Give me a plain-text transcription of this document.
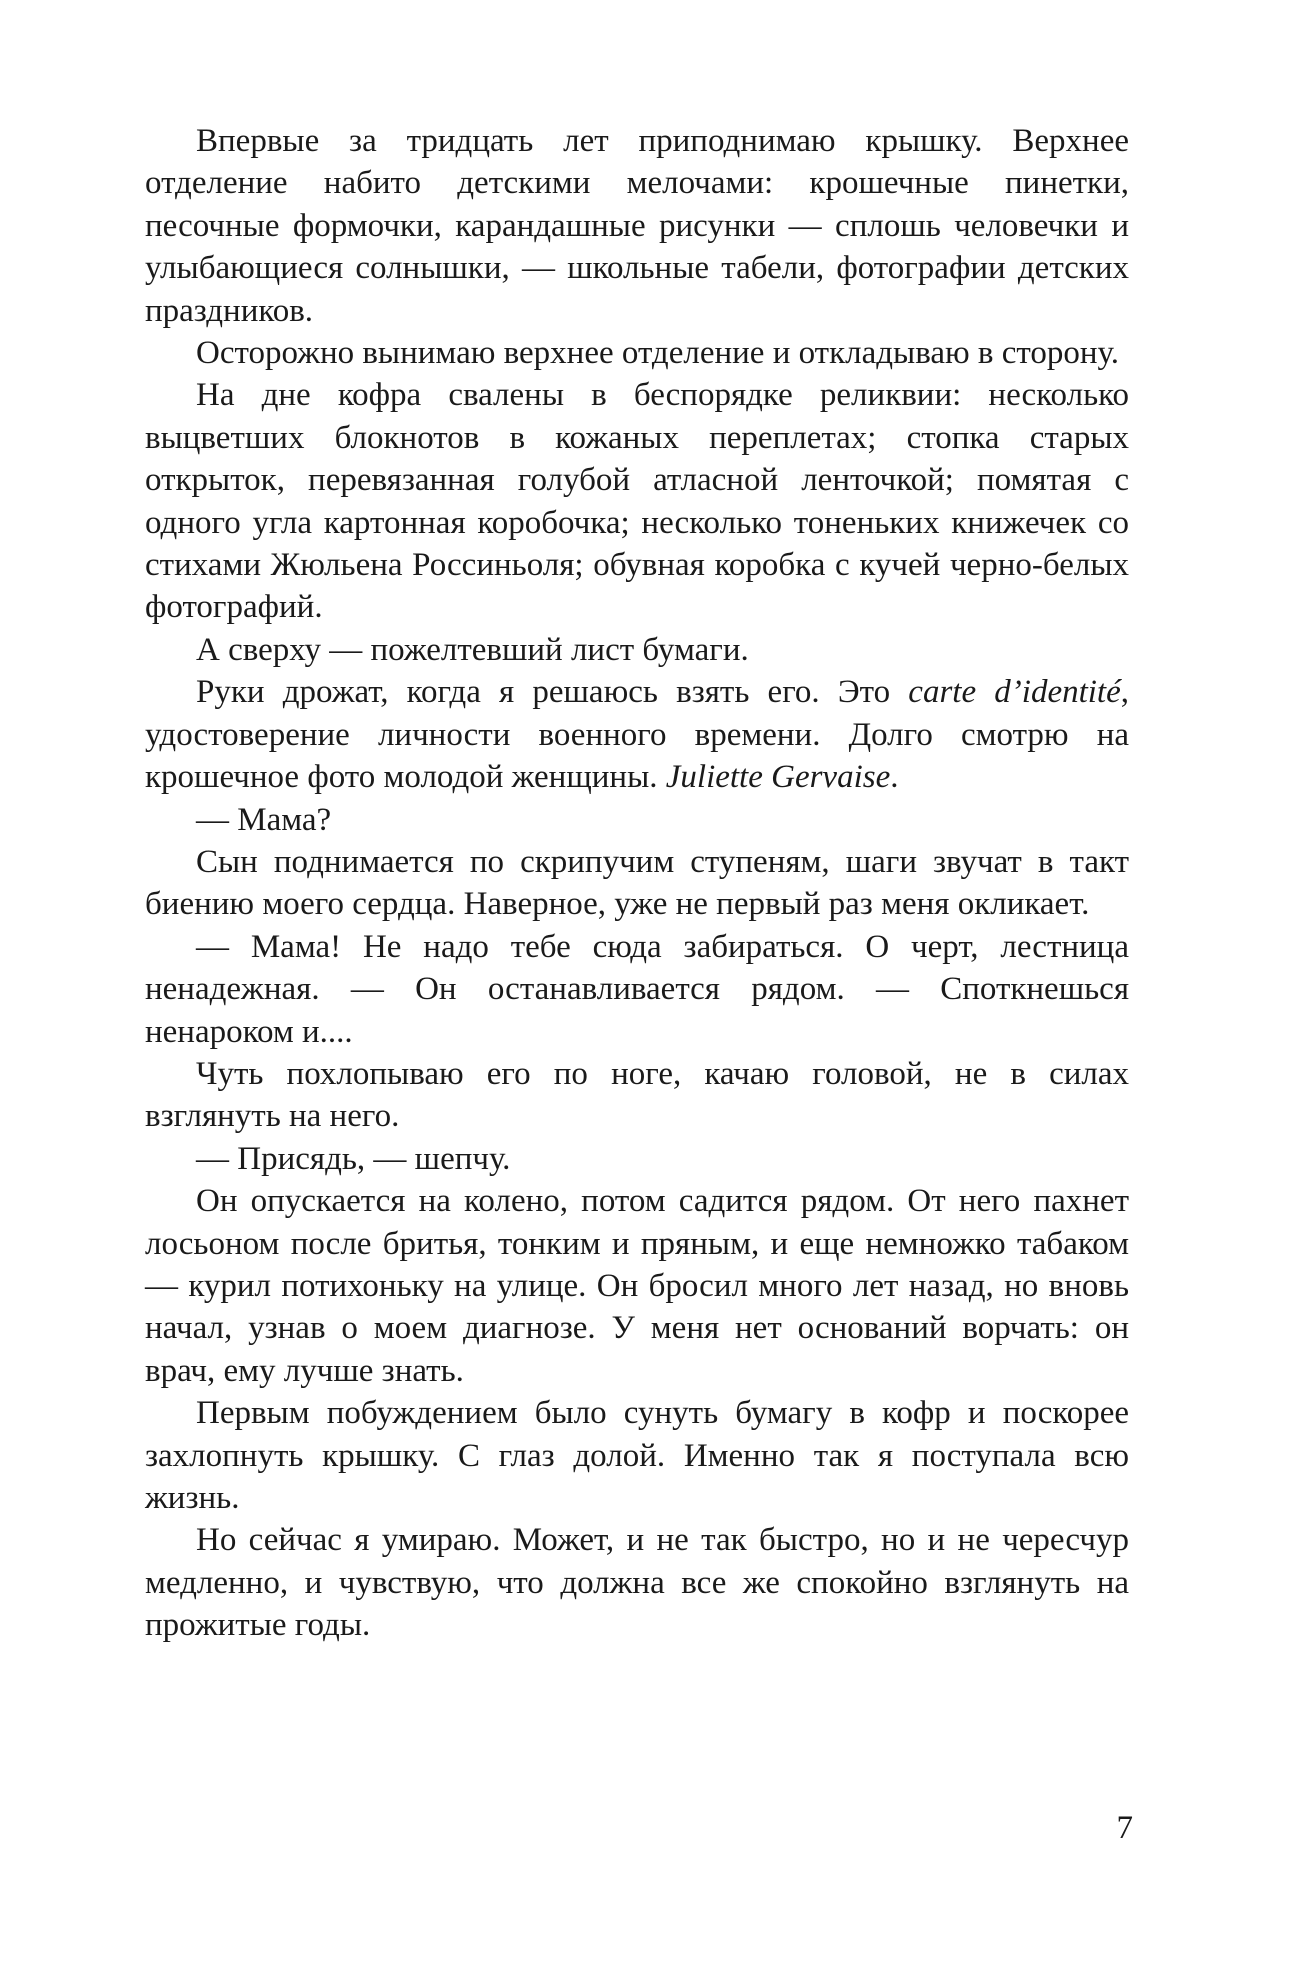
Впервые за тридцать лет приподнимаю крышку. Верхнее отделение набито детскими мелочами: крошечные пинетки, песочные формочки, карандашные рисунки — сплошь человечки и улыбающиеся солнышки, — школьные табели, фотографии детских праздников.

Осторожно вынимаю верхнее отделение и откладываю в сторону.

На дне кофра свалены в беспорядке реликвии: несколько выцветших блокнотов в кожаных переплетах; стопка старых открыток, перевязанная голубой атласной ленточкой; помятая с одного угла картонная коробочка; несколько тоненьких книжечек со стихами Жюльена Россиньоля; обувная коробка с кучей черно-белых фотографий.

А сверху — пожелтевший лист бумаги.

Руки дрожат, когда я решаюсь взять его. Это carte d’identité, удостоверение личности военного времени. Долго смотрю на крошечное фото молодой женщины. Juliette Gervaise.

— Мама?

Сын поднимается по скрипучим ступеням, шаги звучат в такт биению моего сердца. Наверное, уже не первый раз меня окликает.

— Мама! Не надо тебе сюда забираться. О черт, лестница ненадежная. — Он останавливается рядом. — Споткнешься ненароком и....

Чуть похлопываю его по ноге, качаю головой, не в силах взглянуть на него.

— Присядь, — шепчу.

Он опускается на колено, потом садится рядом. От него пахнет лосьоном после бритья, тонким и пряным, и еще немножко табаком — курил потихоньку на улице. Он бросил много лет назад, но вновь начал, узнав о моем диагнозе. У меня нет оснований ворчать: он врач, ему лучше знать.

Первым побуждением было сунуть бумагу в кофр и поскорее захлопнуть крышку. С глаз долой. Именно так я поступала всю жизнь.

Но сейчас я умираю. Может, и не так быстро, но и не чересчур медленно, и чувствую, что должна все же спокойно взглянуть на прожитые годы.

7
